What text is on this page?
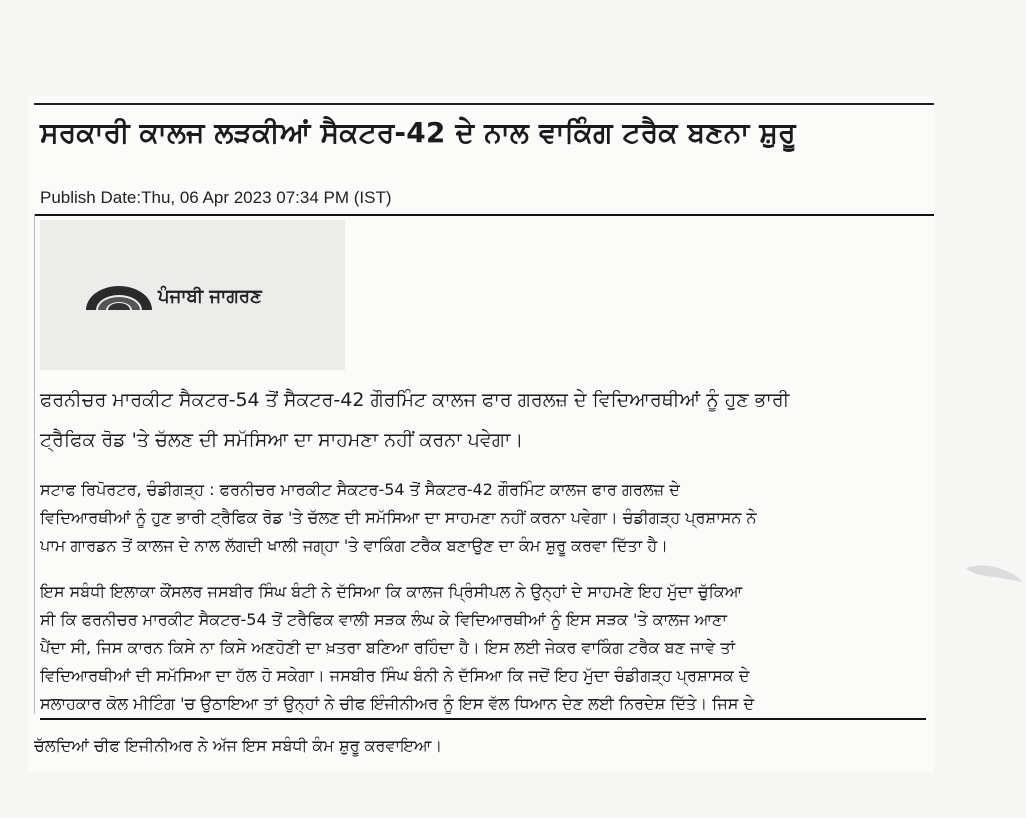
ਸਰਕਾਰੀ ਕਾਲਜ ਲੜਕੀਆਂ ਸੈਕਟਰ-42 ਦੇ ਨਾਲ ਵਾਕਿੰਗ ਟਰੈਕ ਬਣਨਾ ਸ਼ੁਰੂ
Publish Date:Thu, 06 Apr 2023 07:34 PM (IST)
ਪੰਜਾਬੀ ਜਾਗਰਣ
ਫਰਨੀਚਰ ਮਾਰਕੀਟ ਸੈਕਟਰ-54 ਤੋਂ ਸੈਕਟਰ-42 ਗੌਰਮਿੰਟ ਕਾਲਜ ਫਾਰ ਗਰਲਜ਼ ਦੇ ਵਿਦਿਆਰਥੀਆਂ ਨੂੰ ਹੁਣ ਭਾਰੀ
ਟ੍ਰੈਫਿਕ ਰੋਡ 'ਤੇ ਚੱਲਣ ਦੀ ਸਮੱਸਿਆ ਦਾ ਸਾਹਮਣਾ ਨਹੀਂ ਕਰਨਾ ਪਵੇਗਾ।
ਸਟਾਫ ਰਿਪੋਰਟਰ, ਚੰਡੀਗੜ੍ਹ : ਫਰਨੀਚਰ ਮਾਰਕੀਟ ਸੈਕਟਰ-54 ਤੋਂ ਸੈਕਟਰ-42 ਗੌਰਮਿੰਟ ਕਾਲਜ ਫਾਰ ਗਰਲਜ਼ ਦੇ
ਵਿਦਿਆਰਥੀਆਂ ਨੂੰ ਹੁਣ ਭਾਰੀ ਟ੍ਰੈਫਿਕ ਰੋਡ 'ਤੇ ਚੱਲਣ ਦੀ ਸਮੱਸਿਆ ਦਾ ਸਾਹਮਣਾ ਨਹੀਂ ਕਰਨਾ ਪਵੇਗਾ। ਚੰਡੀਗੜ੍ਹ ਪ੍ਰਸ਼ਾਸਨ ਨੇ
ਪਾਮ ਗਾਰਡਨ ਤੋਂ ਕਾਲਜ ਦੇ ਨਾਲ ਲੱਗਦੀ ਖਾਲੀ ਜਗ੍ਹਾ 'ਤੇ ਵਾਕਿੰਗ ਟਰੈਕ ਬਣਾਉਣ ਦਾ ਕੰਮ ਸ਼ੁਰੂ ਕਰਵਾ ਦਿੱਤਾ ਹੈ।
ਇਸ ਸਬੰਧੀ ਇਲਾਕਾ ਕੌਂਸਲਰ ਜਸਬੀਰ ਸਿੰਘ ਬੰਟੀ ਨੇ ਦੱਸਿਆ ਕਿ ਕਾਲਜ ਪ੍ਰਿੰਸੀਪਲ ਨੇ ਉਨ੍ਹਾਂ ਦੇ ਸਾਹਮਣੇ ਇਹ ਮੁੱਦਾ ਚੁੱਕਿਆ
ਸੀ ਕਿ ਫਰਨੀਚਰ ਮਾਰਕੀਟ ਸੈਕਟਰ-54 ਤੋਂ ਟਰੈਫਿਕ ਵਾਲੀ ਸੜਕ ਲੰਘ ਕੇ ਵਿਦਿਆਰਥੀਆਂ ਨੂੰ ਇਸ ਸੜਕ 'ਤੇ ਕਾਲਜ ਆਣਾ
ਪੈਂਦਾ ਸੀ, ਜਿਸ ਕਾਰਨ ਕਿਸੇ ਨਾ ਕਿਸੇ ਅਣਹੋਣੀ ਦਾ ਖ਼ਤਰਾ ਬਣਿਆ ਰਹਿੰਦਾ ਹੈ। ਇਸ ਲਈ ਜੇਕਰ ਵਾਕਿੰਗ ਟਰੈਕ ਬਣ ਜਾਵੇ ਤਾਂ
ਵਿਦਿਆਰਥੀਆਂ ਦੀ ਸਮੱਸਿਆ ਦਾ ਹੱਲ ਹੋ ਸਕੇਗਾ। ਜਸਬੀਰ ਸਿੰਘ ਬੰਨੀ ਨੇ ਦੱਸਿਆ ਕਿ ਜਦੋਂ ਇਹ ਮੁੱਦਾ ਚੰਡੀਗੜ੍ਹ ਪ੍ਰਸ਼ਾਸਕ ਦੇ
ਸਲਾਹਕਾਰ ਕੋਲ ਮੀਟਿੰਗ 'ਚ ਉਠਾਇਆ ਤਾਂ ਉਨ੍ਹਾਂ ਨੇ ਚੀਫ ਇੰਜੀਨੀਅਰ ਨੂੰ ਇਸ ਵੱਲ ਧਿਆਨ ਦੇਣ ਲਈ ਨਿਰਦੇਸ਼ ਦਿੱਤੇ। ਜਿਸ ਦੇ
ਚੱਲਦਿਆਂ ਚੀਫ ਇਜੀਨੀਅਰ ਨੇ ਅੱਜ ਇਸ ਸਬੰਧੀ ਕੰਮ ਸ਼ੁਰੂ ਕਰਵਾਇਆ।
